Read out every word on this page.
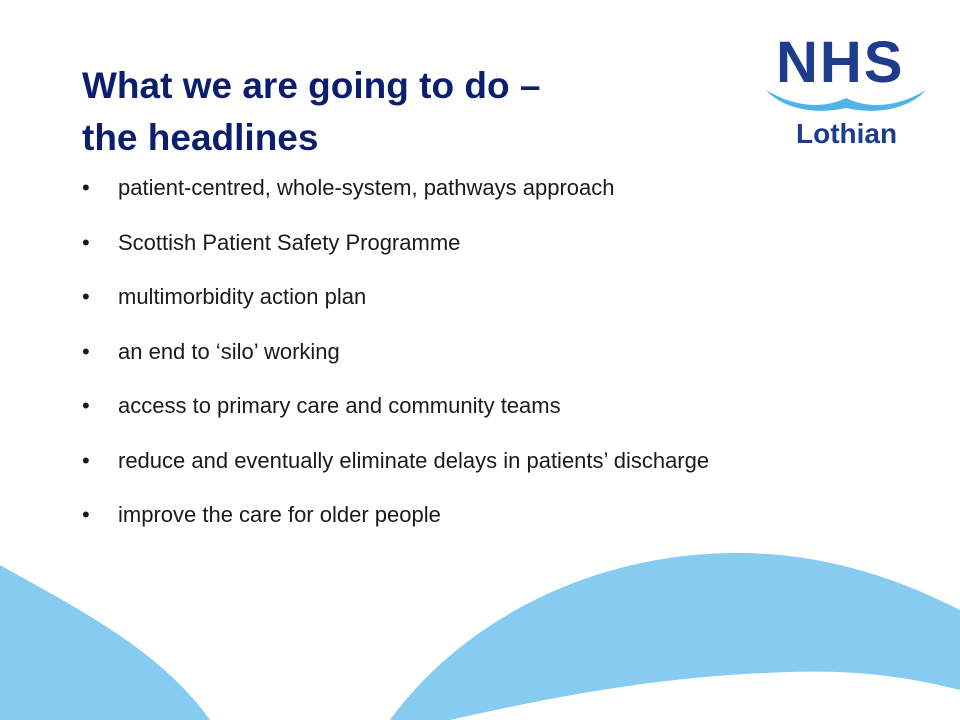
What we are going to do –
the headlines
• patient-centred, whole-system, pathways approach
• Scottish Patient Safety Programme
• multimorbidity action plan
• an end to ‘silo’ working
• access to primary care and community teams
• reduce and eventually eliminate delays in patients’ discharge
• improve the care for older people
NHS
Lothian
